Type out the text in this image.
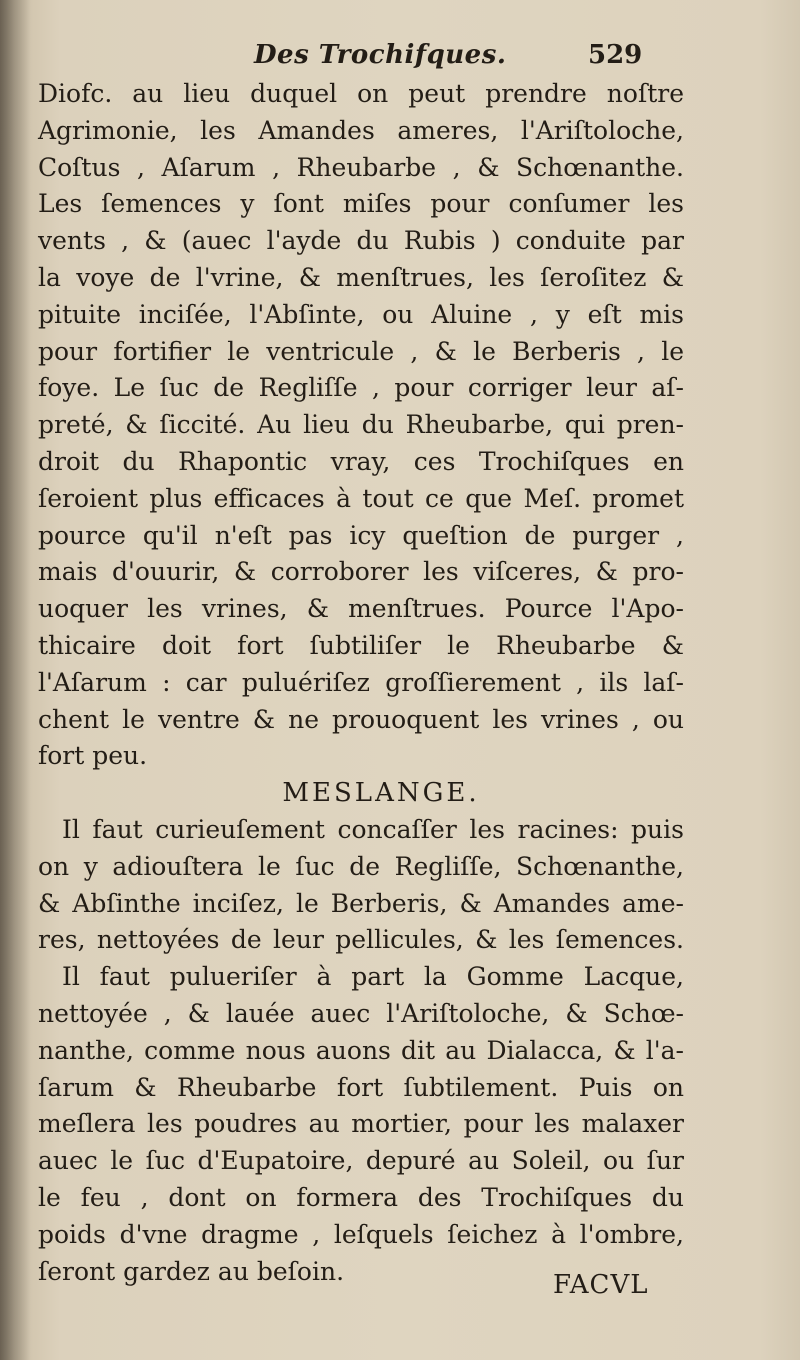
Des Trochifques.	529
Diofc. au lieu duquel on peut prendre noſtre
Agrimonie, les Amandes ameres, l'Ariſtoloche,
Coſtus , Aſarum , Rheubarbe , & Schœnanthe.
Les ſemences y ſont miſes pour conſumer les
vents , & (auec l'ayde du Rubis ) conduite par
la voye de l'vrine, & menſtrues, les ſeroſitez &
pituite inciſée, l'Abſinte, ou Aluine , y eſt mis
pour fortifier le ventricule , & le Berberis , le
foye. Le ſuc de Regliſſe , pour corriger leur aſ-
preté, & ſiccité. Au lieu du Rheubarbe, qui pren-
droit du Rhapontic vray, ces Trochiſques en
ſeroient plus efficaces à tout ce que Meſ. promet
pource qu'il n'eſt pas icy queſtion de purger ,
mais d'ouurir, & corroborer les viſceres, & pro-
uoquer les vrines, & menſtrues. Pource l'Apo-
thicaire doit fort ſubtiliſer le Rheubarbe &
l'Aſarum : car puluériſez groſſierement , ils laſ-
chent le ventre & ne prouoquent les vrines , ou
fort peu.
MESLANGE.
Il faut curieuſement concaſſer les racines: puis
on y adiouſtera le ſuc de Regliſſe, Schœnanthe,
& Abſinthe inciſez, le Berberis, & Amandes ame-
res, nettoyées de leur pellicules, & les ſemences.
Il faut pulueriſer à part la Gomme Lacque,
nettoyée , & lauée auec l'Ariſtoloche, & Schœ-
nanthe, comme nous auons dit au Dialacca, & l'a-
ſarum & Rheubarbe fort ſubtilement. Puis on
meſlera les poudres au mortier, pour les malaxer
auec le ſuc d'Eupatoire, depuré au Soleil, ou ſur
le feu , dont on formera des Trochiſques du
poids d'vne dragme , leſquels ſeichez à l'ombre,
ſeront gardez au beſoin.	FACVL
